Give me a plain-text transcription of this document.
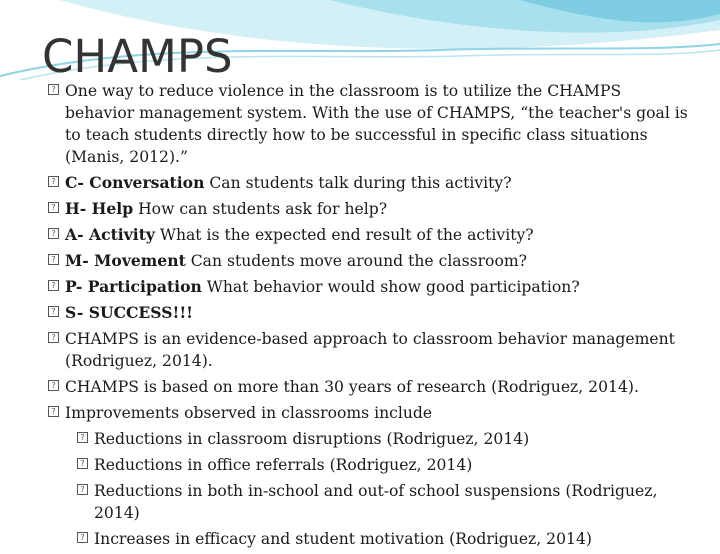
CHAMPS
? One way to reduce violence in the classroom is to utilize the CHAMPS behavior management system. With the use of CHAMPS, “the teacher's goal is to teach students directly how to be successful in specific class situations (Manis, 2012).”
? C- Conversation Can students talk during this activity?
? H- Help How can students ask for help?
? A- Activity What is the expected end result of the activity?
? M- Movement Can students move around the classroom?
? P- Participation What behavior would show good participation?
? S- SUCCESS!!!
? CHAMPS is an evidence-based approach to classroom behavior management (Rodriguez, 2014).
? CHAMPS is based on more than 30 years of research (Rodriguez, 2014).
? Improvements observed in classrooms include
? Reductions in classroom disruptions (Rodriguez, 2014)
? Reductions in office referrals (Rodriguez, 2014)
? Reductions in both in-school and out-of school suspensions (Rodriguez, 2014)
? Increases in efficacy and student motivation (Rodriguez, 2014)
